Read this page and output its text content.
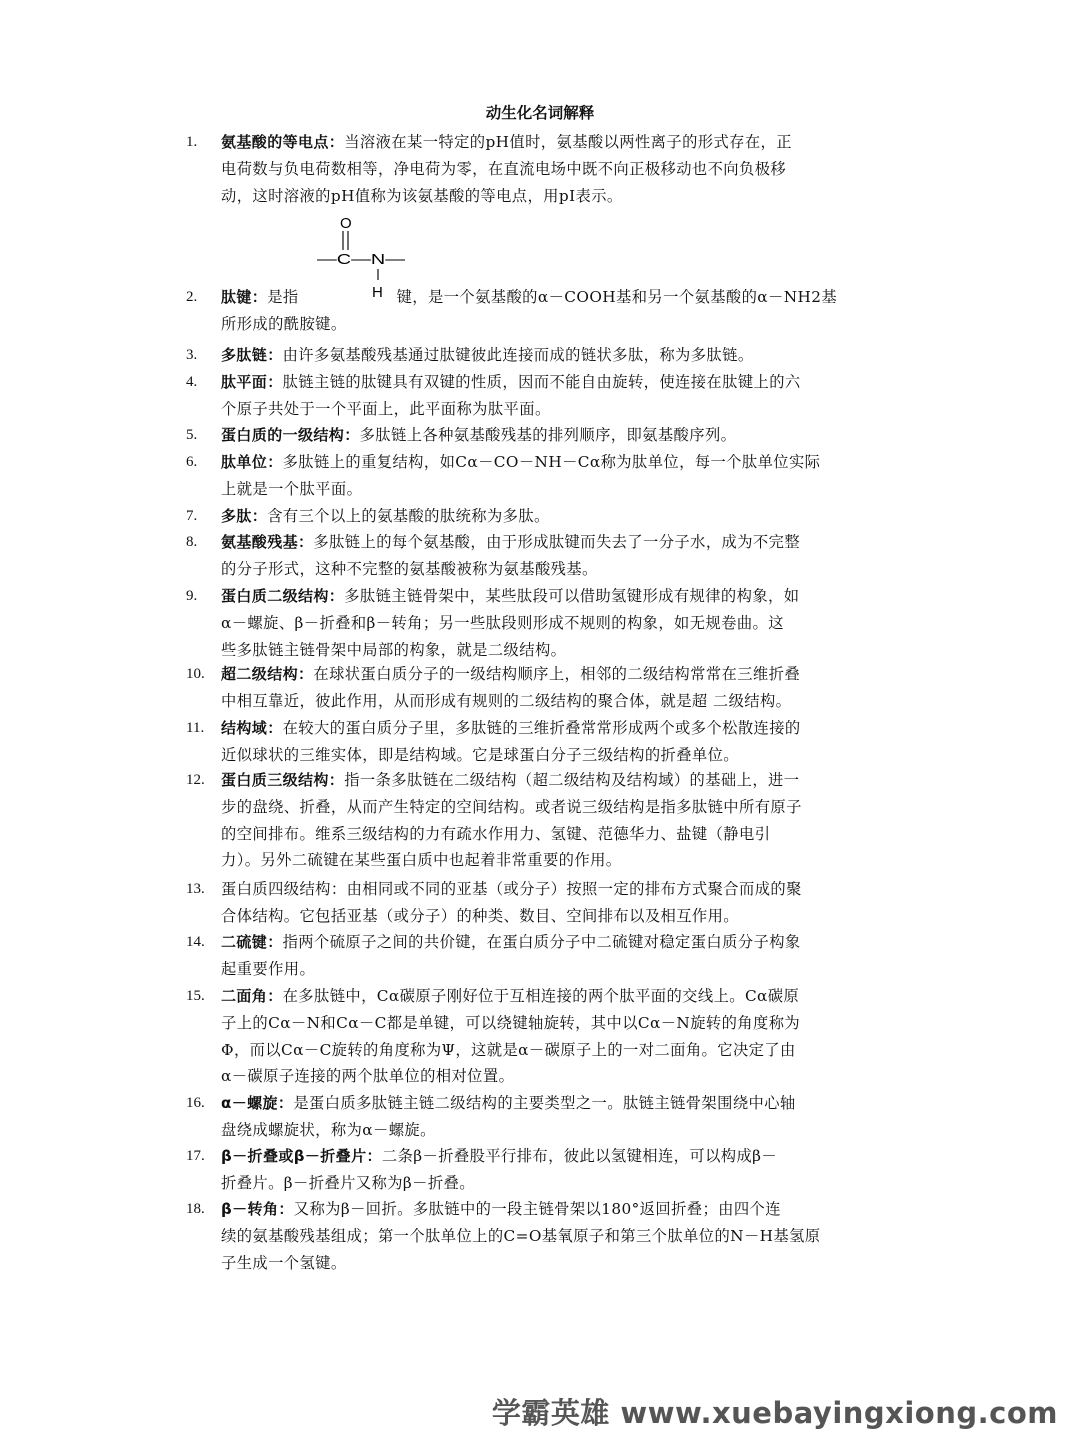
动生化名词解释
1. 氨基酸的等电点：当溶液在某一特定的pH值时，氨基酸以两性离子的形式存在，正
电荷数与负电荷数相等，净电荷为零，在直流电场中既不向正极移动也不向负极移
动，这时溶液的pH值称为该氨基酸的等电点，用pI表示。
O
—C—N—
H
2. 肽键：是指	键，是一个氨基酸的α－COOH基和另一个氨基酸的α－NH2基
所形成的酰胺键。
3. 多肽链：由许多氨基酸残基通过肽键彼此连接而成的链状多肽，称为多肽链。
4. 肽平面：肽链主链的肽键具有双键的性质，因而不能自由旋转，使连接在肽键上的六
个原子共处于一个平面上，此平面称为肽平面。
5. 蛋白质的一级结构：多肽链上各种氨基酸残基的排列顺序，即氨基酸序列。
6. 肽单位：多肽链上的重复结构，如Cα－CO－NH－Cα称为肽单位，每一个肽单位实际
上就是一个肽平面。
7. 多肽：含有三个以上的氨基酸的肽统称为多肽。
8. 氨基酸残基：多肽链上的每个氨基酸，由于形成肽键而失去了一分子水，成为不完整
的分子形式，这种不完整的氨基酸被称为氨基酸残基。
9. 蛋白质二级结构：多肽链主链骨架中，某些肽段可以借助氢键形成有规律的构象，如
α－螺旋、β－折叠和β－转角；另一些肽段则形成不规则的构象，如无规卷曲。这
些多肽链主链骨架中局部的构象，就是二级结构。
10. 超二级结构：在球状蛋白质分子的一级结构顺序上，相邻的二级结构常常在三维折叠
中相互靠近，彼此作用，从而形成有规则的二级结构的聚合体，就是超 二级结构。
11. 结构域：在较大的蛋白质分子里，多肽链的三维折叠常常形成两个或多个松散连接的
近似球状的三维实体，即是结构域。它是球蛋白分子三级结构的折叠单位。
12. 蛋白质三级结构：指一条多肽链在二级结构（超二级结构及结构域）的基础上，进一
步的盘绕、折叠，从而产生特定的空间结构。或者说三级结构是指多肽链中所有原子
的空间排布。维系三级结构的力有疏水作用力、氢键、范德华力、盐键（静电引
力）。另外二硫键在某些蛋白质中也起着非常重要的作用。
13. 蛋白质四级结构：由相同或不同的亚基（或分子）按照一定的排布方式聚合而成的聚
合体结构。它包括亚基（或分子）的种类、数目、空间排布以及相互作用。
14. 二硫键：指两个硫原子之间的共价键，在蛋白质分子中二硫键对稳定蛋白质分子构象
起重要作用。
15. 二面角：在多肽链中，Cα碳原子刚好位于互相连接的两个肽平面的交线上。Cα碳原
子上的Cα－N和Cα－C都是单键，可以绕键轴旋转，其中以Cα－N旋转的角度称为
Φ，而以Cα－C旋转的角度称为Ψ，这就是α－碳原子上的一对二面角。它决定了由
α－碳原子连接的两个肽单位的相对位置。
16. α－螺旋：是蛋白质多肽链主链二级结构的主要类型之一。肽链主链骨架围绕中心轴
盘绕成螺旋状，称为α－螺旋。
17. β－折叠或β－折叠片：二条β－折叠股平行排布，彼此以氢键相连，可以构成β－
折叠片。β－折叠片又称为β－折叠。
18. β－转角：又称为β－回折。多肽链中的一段主链骨架以180°返回折叠；由四个连
续的氨基酸残基组成；第一个肽单位上的C=O基氧原子和第三个肽单位的N－H基氢原
子生成一个氢键。
学霸英雄 www.xuebayingxiong.com
